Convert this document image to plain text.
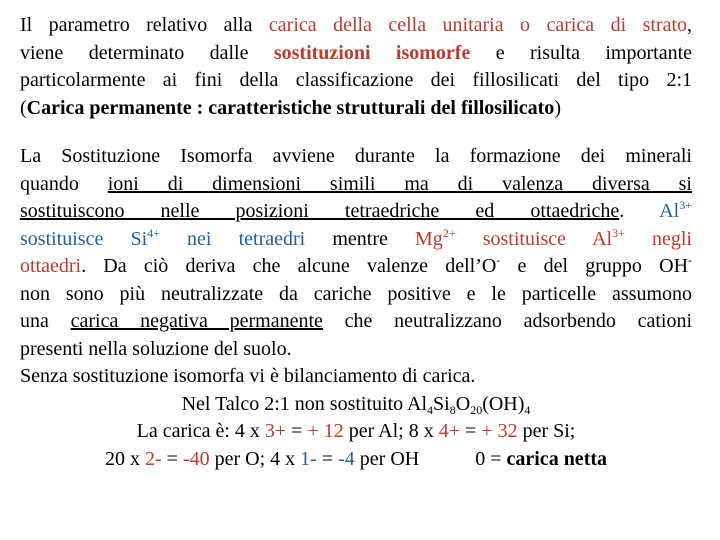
Il parametro relativo alla carica della cella unitaria o carica di strato,
viene determinato dalle sostituzioni isomorfe e risulta importante
particolarmente ai fini della classificazione dei fillosilicati del tipo 2:1
(Carica permanente : caratteristiche strutturali del fillosilicato)
La Sostituzione Isomorfa avviene durante la formazione dei minerali
quando ioni di dimensioni simili ma di valenza diversa si
sostituiscono nelle posizioni tetraedriche ed ottaedriche. $Al^{3+}$
sostituisce $Si^{4+}$ nei tetraedri mentre $Mg^{2+}$ sostituisce $Al^{3+}$ negli
ottaedri. Da ciò deriva che alcune valenze dell’O- e del gruppo OH-
non sono più neutralizzate da cariche positive e le particelle assumono
una carica negativa permanente che neutralizzano adsorbendo cationi
presenti nella soluzione del suolo.
Senza sostituzione isomorfa vi è bilanciamento di carica.
Nel Talco 2:1 non sostituito $Al_4Si_8O_{20}(OH)_4$
La carica è: 4 x 3+ = + 12 per Al; 8 x 4+ = + 32 per Si;
20 x 2- = -40 per O; 4 x 1- = -4 per OH	0 = carica netta
